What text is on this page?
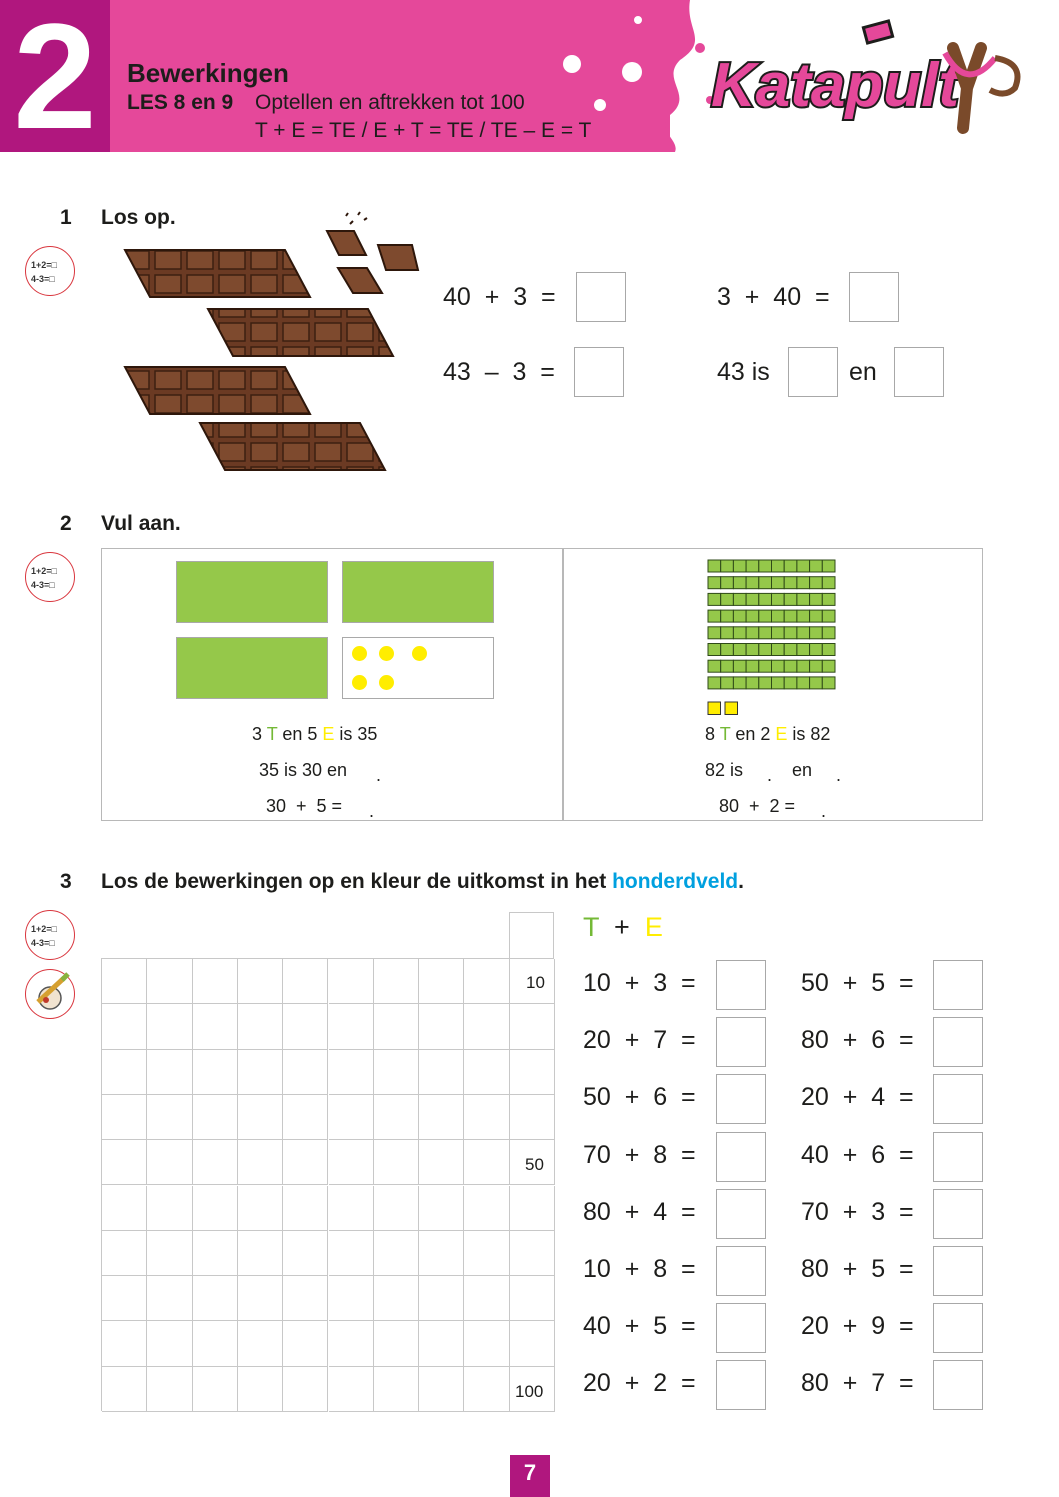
2	Bewerkingen
LES 8 en 9 Optellen en aftrekken tot 100
T + E = TE / E + T = TE / TE – E = T
Katapult
1 Los op.
1+2=□
4-3=□
40  +  3  =	3  +  40  =
43  –  3  =	43 is	en
2 Vul aan.
1+2=□
4-3=□
3 T en 5 E is 35
35 is 30 en .
30  +  5 = .
8 T en 2 E is 82
82 is . en .
80  +  2 = .
3 Los de bewerkingen op en kleur de uitkomst in het honderdveld.
1+2=□
4-3=□
10
50
100
T + E
10  +  3  =	50  +  5  =
20  +  7  =	80  +  6  =
50  +  6  =	20  +  4  =
70  +  8  =	40  +  6  =
80  +  4  =	70  +  3  =
10  +  8  =	80  +  5  =
40  +  5  =	20  +  9  =
20  +  2  =	80  +  7  =
7
